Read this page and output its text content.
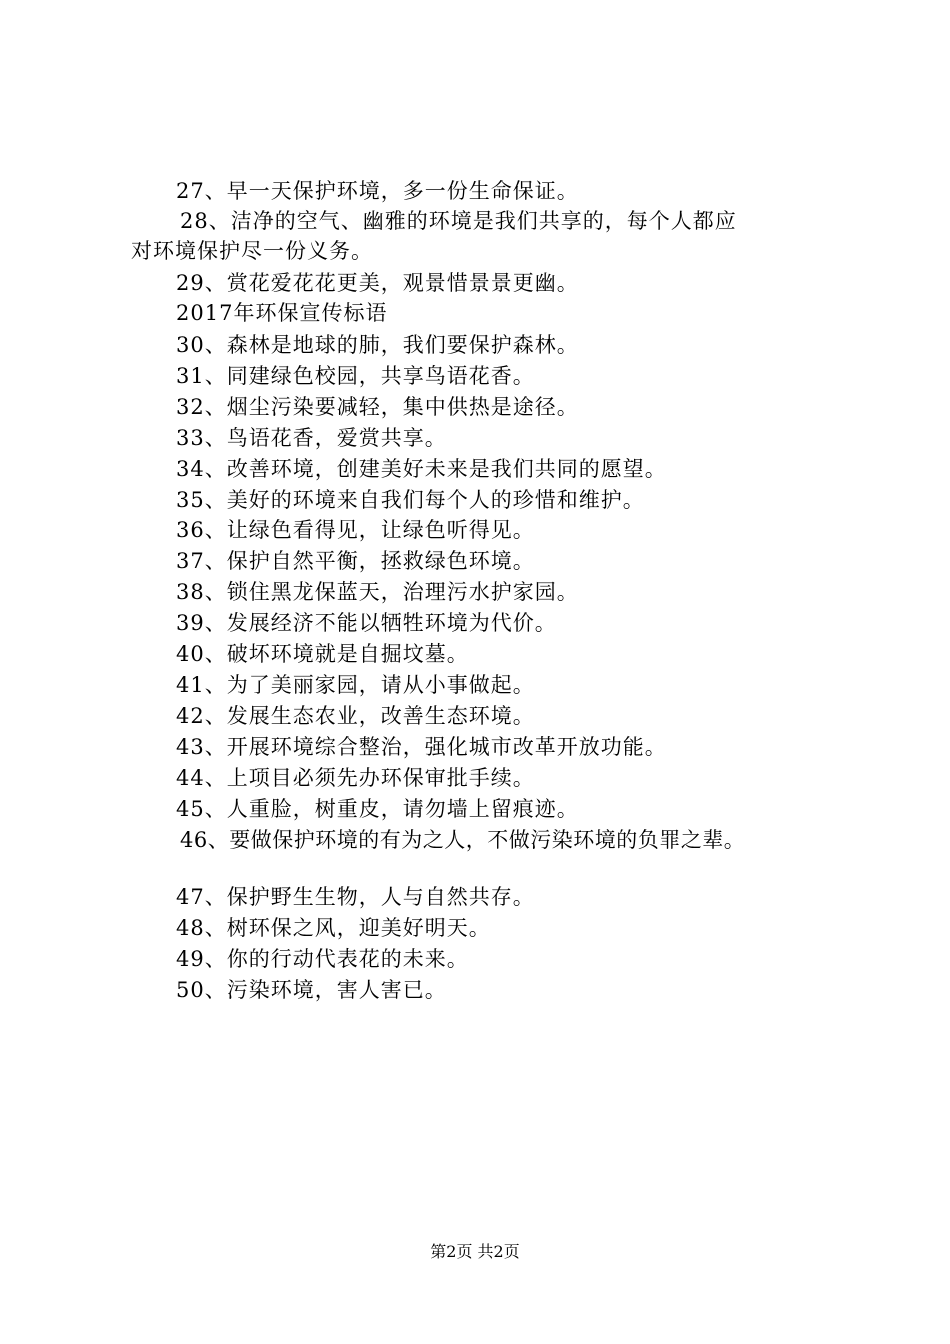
27、早一天保护环境，多一份生命保证。
28、洁净的空气、幽雅的环境是我们共享的，每个人都应
对环境保护尽一份义务。
29、赏花爱花花更美，观景惜景景更幽。
2017年环保宣传标语
30、森林是地球的肺，我们要保护森林。
31、同建绿色校园，共享鸟语花香。
32、烟尘污染要减轻，集中供热是途径。
33、鸟语花香，爱赏共享。
34、改善环境，创建美好未来是我们共同的愿望。
35、美好的环境来自我们每个人的珍惜和维护。
36、让绿色看得见，让绿色听得见。
37、保护自然平衡，拯救绿色环境。
38、锁住黑龙保蓝天，治理污水护家园。
39、发展经济不能以牺牲环境为代价。
40、破坏环境就是自掘坟墓。
41、为了美丽家园，请从小事做起。
42、发展生态农业，改善生态环境。
43、开展环境综合整治，强化城市改革开放功能。
44、上项目必须先办环保审批手续。
45、人重脸，树重皮，请勿墙上留痕迹。
46、要做保护环境的有为之人，不做污染环境的负罪之辈。
47、保护野生生物，人与自然共存。
48、树环保之风，迎美好明天。
49、你的行动代表花的未来。
50、污染环境，害人害已。
第2页 共2页
